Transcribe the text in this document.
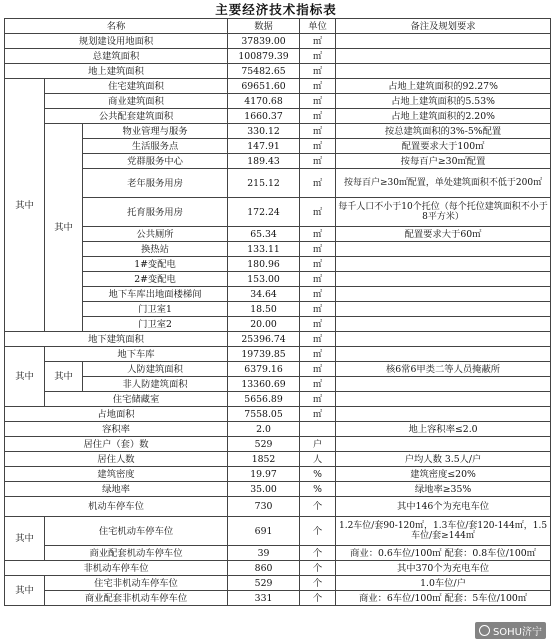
主要经济技术指标表
名称			数据	单位	备注及规划要求
规划建设用地面积			37839.00	㎡	
总建筑面积			100879.39	㎡	
地上建筑面积			75482.65	㎡	
其中	住宅建筑面积		69651.60	㎡	占地上建筑面积的92.27%
	商业建筑面积		4170.68	㎡	占地上建筑面积的5.53%
	公共配套建筑面积		1660.37	㎡	占地上建筑面积的2.20%
	其中	物业管理与服务	330.12	㎡	按总建筑面积的3%-5%配置
		生活服务点	147.91	㎡	配置要求大于100㎡
		党群服务中心	189.43	㎡	按每百户≥30㎡配置
		老年服务用房	215.12	㎡	按每百户≥30㎡配置，单处建筑面积不低于200㎡
		托育服务用房	172.24	㎡	每千人口不小于10个托位（每个托位建筑面积不小于8平方米）
		公共厕所	65.34	㎡	配置要求大于60㎡
		换热站	133.11	㎡	
		1#变配电	180.96	㎡	
		2#变配电	153.00	㎡	
		地下车库出地面楼梯间	34.64	㎡	
		门卫室1	18.50	㎡	
		门卫室2	20.00	㎡	
地下建筑面积			25396.74	㎡	
其中	地下车库		19739.85	㎡	
	其中	人防建筑面积	6379.16	㎡	核6常6甲类二等人员掩蔽所
		非人防建筑面积	13360.69	㎡	
	住宅储藏室		5656.89	㎡	
占地面积			7558.05	㎡	
容积率			2.0		地上容积率≤2.0
居住户（套）数			529	户	
居住人数			1852	人	户均人数 3.5人/户
建筑密度			19.97	%	建筑密度≤20%
绿地率			35.00	%	绿地率≥35%
机动车停车位			730	个	其中146个为充电车位
其中	住宅机动车停车位		691	个	1.2车位/套90-120㎡，1.3车位/套120-144㎡，1.5车位/套≥144㎡
	商业配套机动车停车位		39	个	商业：0.6车位/100㎡ 配套：0.8车位/100㎡
非机动车停车位			860	个	其中370个为充电车位
其中	住宅非机动车停车位		529	个	1.0车位/户
	商业配套非机动车停车位		331	个	商业：6车位/100㎡ 配套：5车位/100㎡
SOHU济宁
